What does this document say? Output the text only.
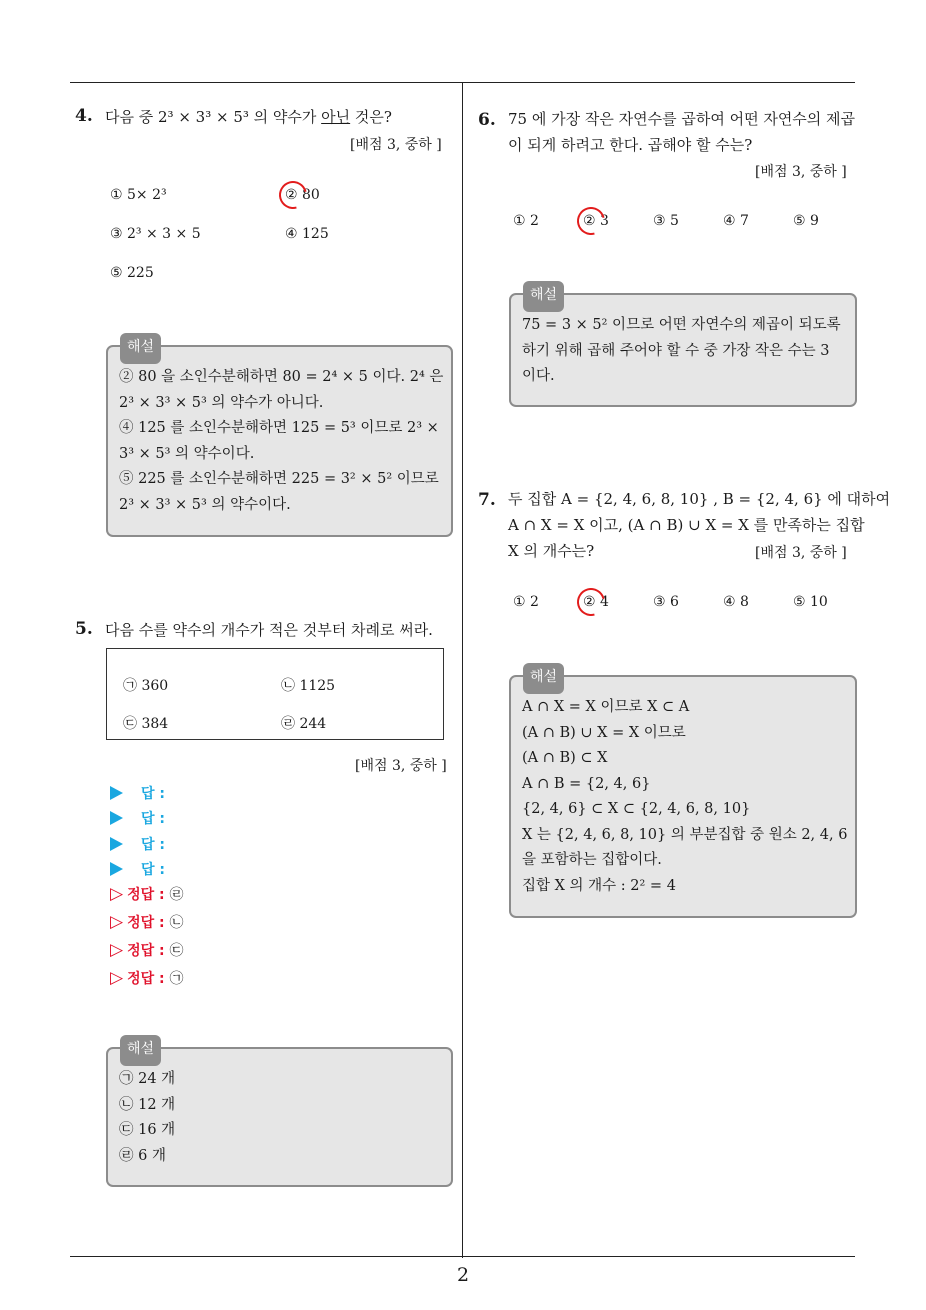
4. 다음 중 2³ × 3³ × 5³ 의 약수가 아닌 것은?
[배점 3, 중하 ]
① 5× 2³	② 80
③ 2³ × 3 × 5	④ 125
⑤ 225
해설
② 80 을 소인수분해하면 80 = 2⁴ × 5 이다. 2⁴ 은
2³ × 3³ × 5³ 의 약수가 아니다.
④ 125 를 소인수분해하면 125 = 5³ 이므로 2³ ×
3³ × 5³ 의 약수이다.
⑤ 225 를 소인수분해하면 225 = 3² × 5² 이므로
2³ × 3³ × 5³ 의 약수이다.
5. 다음 수를 약수의 개수가 적은 것부터 차례로 써라.
㉠ 360	㉡ 1125
㉢ 384	㉣ 244
[배점 3, 중하 ]
답 :
답 :
답 :
답 :
▷ 정답 : ㉣
▷ 정답 : ㉡
▷ 정답 : ㉢
▷ 정답 : ㉠
해설
㉠ 24 개
㉡ 12 개
㉢ 16 개
㉣ 6 개
6. 75 에 가장 작은 자연수를 곱하여 어떤 자연수의 제곱
이 되게 하려고 한다. 곱해야 할 수는?
[배점 3, 중하 ]
① 2	② 3	③ 5	④ 7	⑤ 9
해설
75 = 3 × 5² 이므로 어떤 자연수의 제곱이 되도록
하기 위해 곱해 주어야 할 수 중 가장 작은 수는 3
이다.
7. 두 집합 A = {2, 4, 6, 8, 10} , B = {2, 4, 6} 에 대하여
A ∩ X = X 이고, (A ∩ B) ∪ X = X 를 만족하는 집합
X 의 개수는?	[배점 3, 중하 ]
① 2	② 4	③ 6	④ 8	⑤ 10
해설
A ∩ X = X 이므로 X ⊂ A
(A ∩ B) ∪ X = X 이므로
(A ∩ B) ⊂ X
A ∩ B = {2, 4, 6}
{2, 4, 6} ⊂ X ⊂ {2, 4, 6, 8, 10}
X 는 {2, 4, 6, 8, 10} 의 부분집합 중 원소 2, 4, 6
을 포함하는 집합이다.
집합 X 의 개수 : 2² = 4
2
